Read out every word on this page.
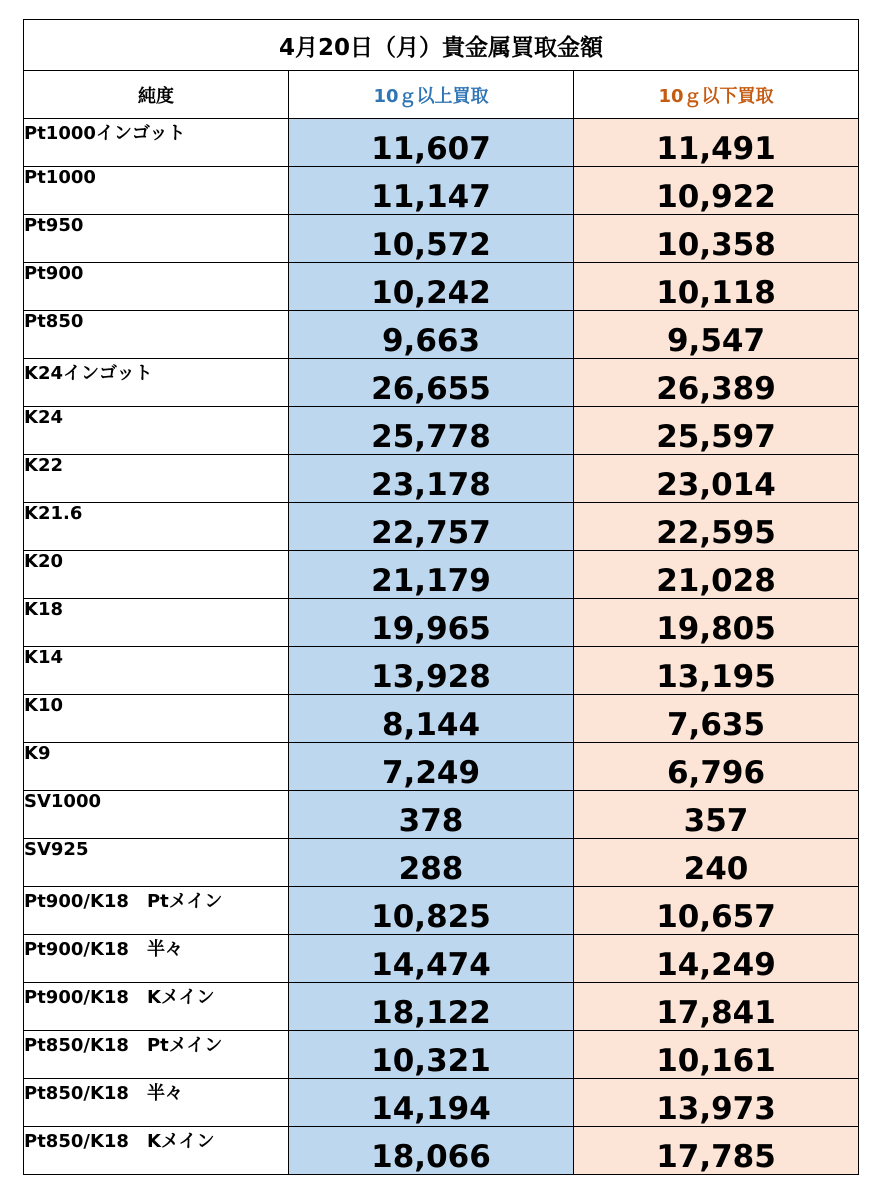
4月20日（月）貴金属買取金額		
純度	10ｇ以上買取	10ｇ以下買取
Pt1000インゴット	11,607	11,491
Pt1000	11,147	10,922
Pt950	10,572	10,358
Pt900	10,242	10,118
Pt850	9,663	9,547
K24インゴット	26,655	26,389
K24	25,778	25,597
K22	23,178	23,014
K21.6	22,757	22,595
K20	21,179	21,028
K18	19,965	19,805
K14	13,928	13,195
K10	8,144	7,635
K9	7,249	6,796
SV1000	378	357
SV925	288	240
Pt900/K18　Ptメイン	10,825	10,657
Pt900/K18　半々	14,474	14,249
Pt900/K18　Kメイン	18,122	17,841
Pt850/K18　Ptメイン	10,321	10,161
Pt850/K18　半々	14,194	13,973
Pt850/K18　Kメイン	18,066	17,785
